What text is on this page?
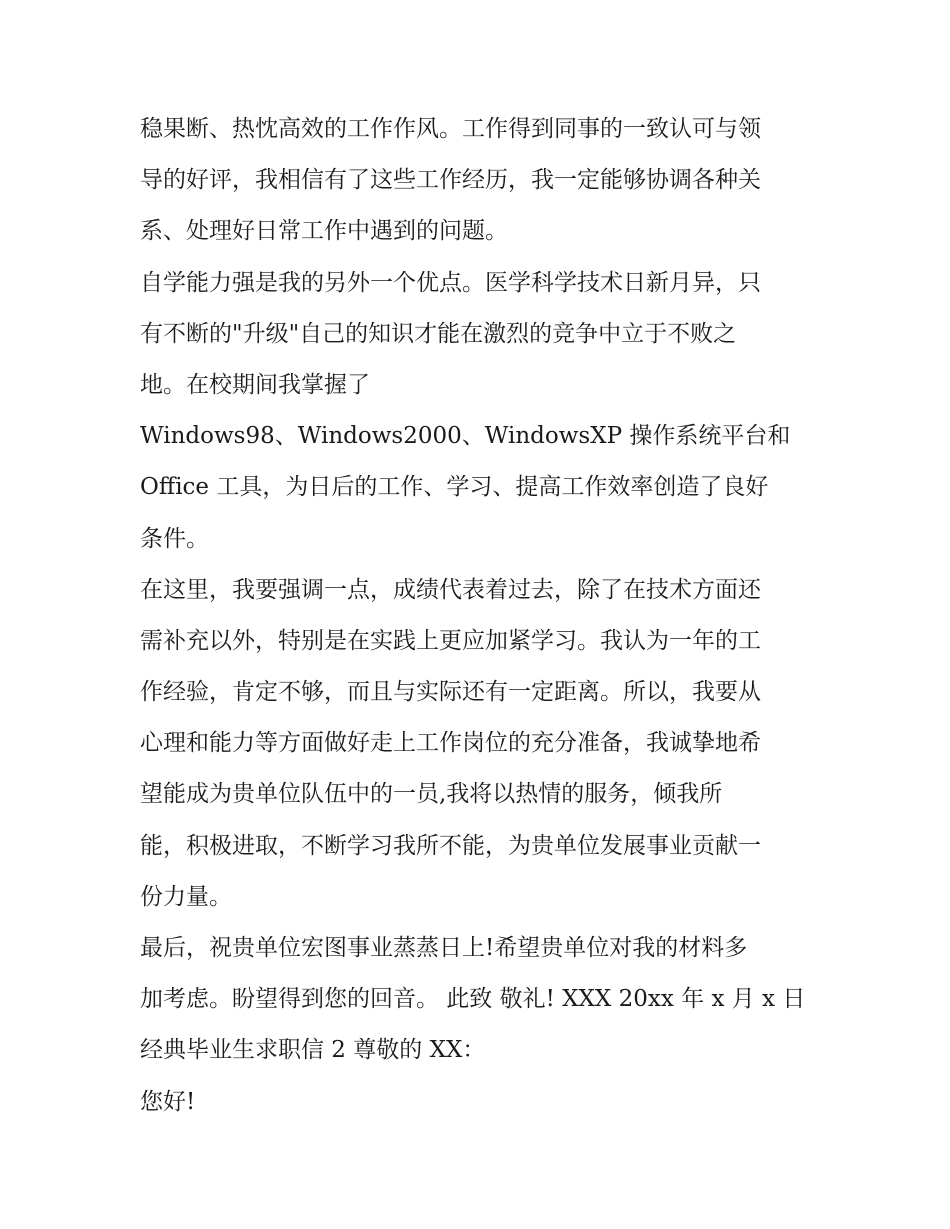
稳果断、热忱高效的工作作风。工作得到同事的一致认可与领
导的好评，我相信有了这些工作经历，我一定能够协调各种关
系、处理好日常工作中遇到的问题。
自学能力强是我的另外一个优点。医学科学技术日新月异，只
有不断的"升级"自己的知识才能在激烈的竞争中立于不败之
地。在校期间我掌握了
Windows98、Windows2000、WindowsXP 操作系统平台和
Office 工具，为日后的工作、学习、提高工作效率创造了良好
条件。
在这里，我要强调一点，成绩代表着过去，除了在技术方面还
需补充以外，特别是在实践上更应加紧学习。我认为一年的工
作经验，肯定不够，而且与实际还有一定距离。所以，我要从
心理和能力等方面做好走上工作岗位的充分准备，我诚挚地希
望能成为贵单位队伍中的一员,我将以热情的服务，倾我所
能，积极进取，不断学习我所不能，为贵单位发展事业贡献一
份力量。
最后，祝贵单位宏图事业蒸蒸日上!希望贵单位对我的材料多
加考虑。盼望得到您的回音。 此致 敬礼! XXX 20xx 年 x 月 x 日
经典毕业生求职信 2 尊敬的 XX：
您好!
